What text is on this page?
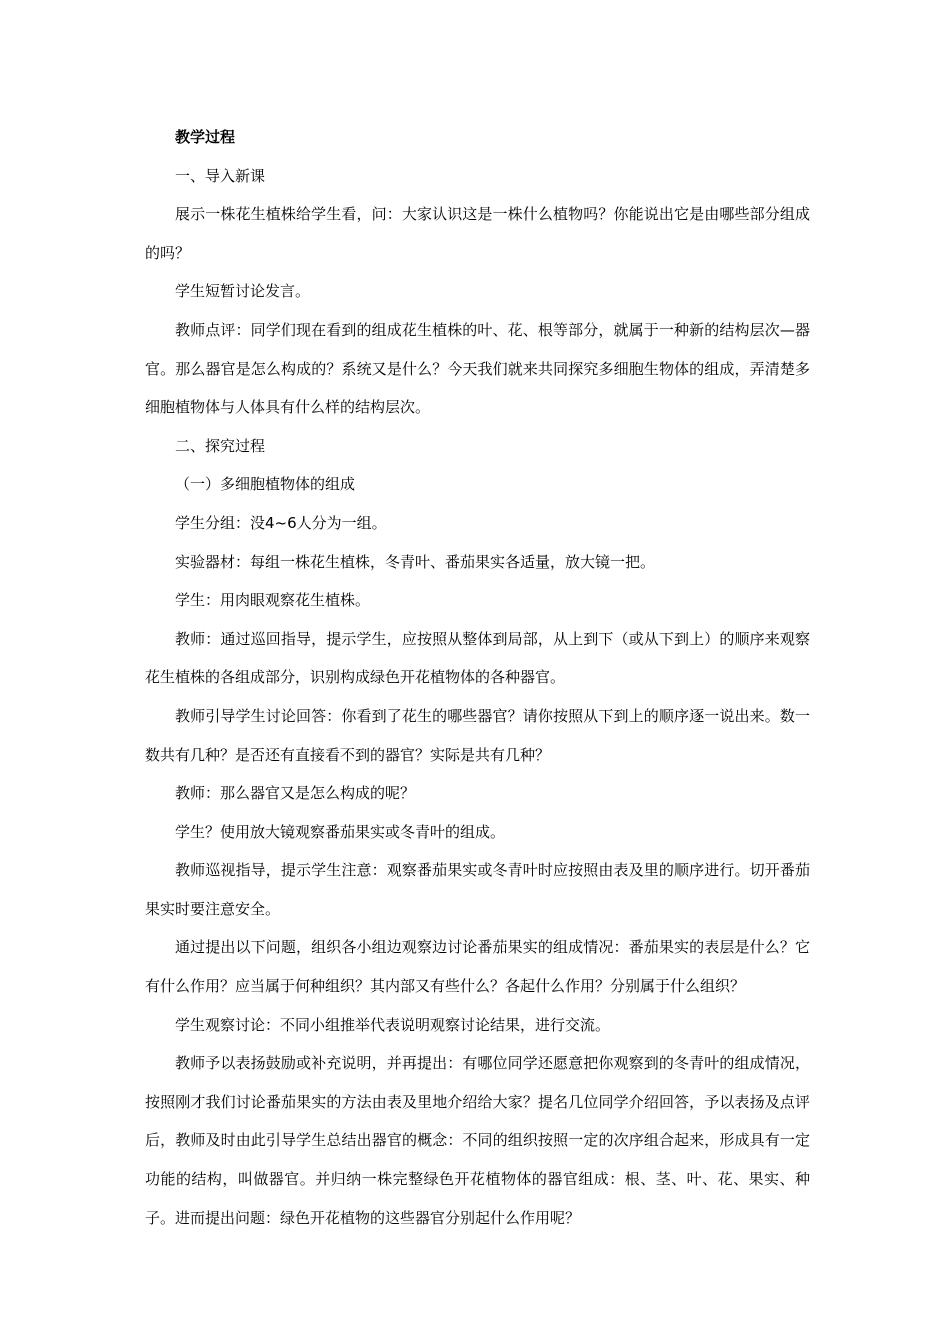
教学过程

一、导入新课

展示一株花生植株给学生看，问：大家认识这是一株什么植物吗？你能说出它是由哪些部分组成的吗？

学生短暂讨论发言。

教师点评：同学们现在看到的组成花生植株的叶、花、根等部分，就属于一种新的结构层次—器官。那么器官是怎么构成的？系统又是什么？今天我们就来共同探究多细胞生物体的组成，弄清楚多细胞植物体与人体具有什么样的结构层次。

二、探究过程

（一）多细胞植物体的组成

学生分组：没4~6人分为一组。

实验器材：每组一株花生植株，冬青叶、番茄果实各适量，放大镜一把。

学生：用肉眼观察花生植株。

教师：通过巡回指导，提示学生，应按照从整体到局部，从上到下（或从下到上）的顺序来观察花生植株的各组成部分，识别构成绿色开花植物体的各种器官。

教师引导学生讨论回答：你看到了花生的哪些器官？请你按照从下到上的顺序逐一说出来。数一数共有几种？是否还有直接看不到的器官？实际是共有几种？

教师：那么器官又是怎么构成的呢？

学生？使用放大镜观察番茄果实或冬青叶的组成。

教师巡视指导，提示学生注意：观察番茄果实或冬青叶时应按照由表及里的顺序进行。切开番茄果实时要注意安全。

通过提出以下问题，组织各小组边观察边讨论番茄果实的组成情况：番茄果实的表层是什么？它有什么作用？应当属于何种组织？其内部又有些什么？各起什么作用？分别属于什么组织？

学生观察讨论：不同小组推举代表说明观察讨论结果，进行交流。

教师予以表扬鼓励或补充说明，并再提出：有哪位同学还愿意把你观察到的冬青叶的组成情况，按照刚才我们讨论番茄果实的方法由表及里地介绍给大家？提名几位同学介绍回答，予以表扬及点评后，教师及时由此引导学生总结出器官的概念：不同的组织按照一定的次序组合起来，形成具有一定功能的结构，叫做器官。并归纳一株完整绿色开花植物体的器官组成：根、茎、叶、花、果实、种子。进而提出问题：绿色开花植物的这些器官分别起什么作用呢？
